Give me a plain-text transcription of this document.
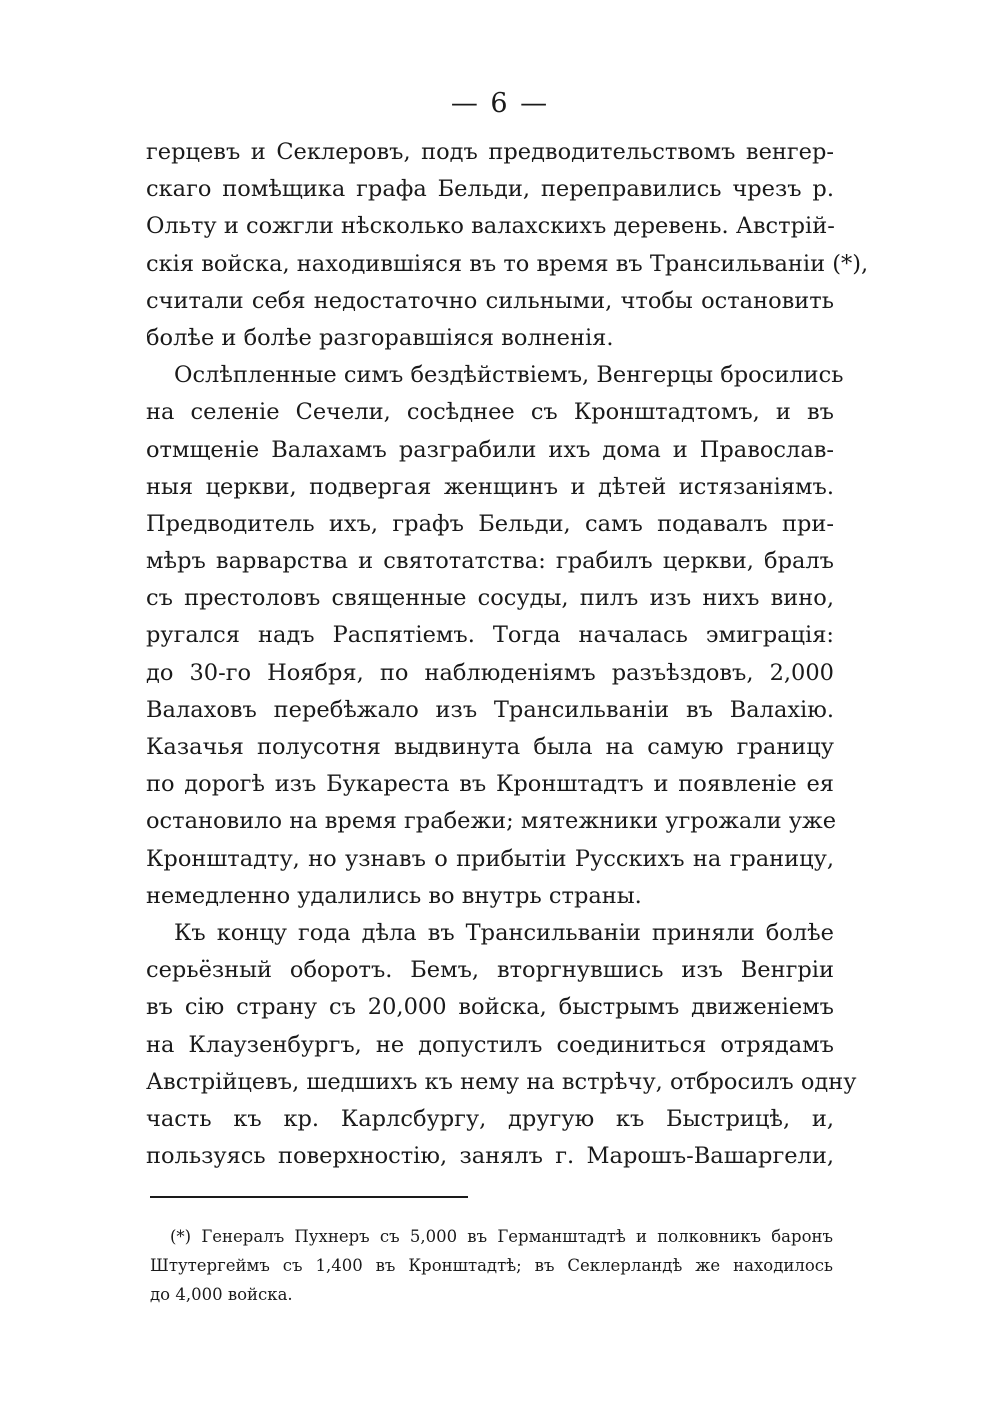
— 6 —
герцевъ и Секлеровъ, подъ предводительствомъ венгер-
скаго помѣщика графа Бельди, переправились чрезъ р.
Ольту и сожгли нѣсколько валахскихъ деревень. Австрiй-
скiя войска, находившiяся въ то время въ Трансильванiи (*),
считали себя недостаточно сильными, чтобы остановить
болѣе и болѣе разгоравшiяся волненiя.
Ослѣпленные симъ бездѣйствiемъ, Венгерцы бросились
на селенiе Сечели, сосѣднее съ Кронштадтомъ, и въ
отмщенiе Валахамъ разграбили ихъ дома и Православ-
ныя церкви, подвергая женщинъ и дѣтей истязанiямъ.
Предводитель ихъ, графъ Бельди, самъ подавалъ при-
мѣръ варварства и святотатства: грабилъ церкви, бралъ
съ престоловъ священные сосуды, пилъ изъ нихъ вино,
ругался надъ Распятiемъ. Тогда началась эмиграцiя:
до 30-го Ноября, по наблюденiямъ разъѣздовъ, 2,000
Валаховъ перебѣжало изъ Трансильванiи въ Валахiю.
Казачья полусотня выдвинута была на самую границу
по дорогѣ изъ Букареста въ Кронштадтъ и появленiе ея
остановило на время грабежи; мятежники угрожали уже
Кронштадту, но узнавъ о прибытiи Русскихъ на границу,
немедленно удалились во внутрь страны.
Къ концу года дѣла въ Трансильванiи приняли болѣе
серьёзный оборотъ. Бемъ, вторгнувшись изъ Венгрiи
въ сiю страну съ 20,000 войска, быстрымъ движенiемъ
на Клаузенбургъ, не допустилъ соединиться отрядамъ
Австрiйцевъ, шедшихъ къ нему на встрѣчу, отбросилъ одну
часть къ кр. Карлсбургу, другую къ Быстрицѣ, и,
пользуясь поверхностiю, занялъ г. Марошъ-Вашаргели,
(*) Генералъ Пухнеръ съ 5,000 въ Германштадтѣ и полковникъ баронъ
Штутергеймъ съ 1,400 въ Кронштадтѣ; въ Секлерландѣ же находилось
до 4,000 войска.
